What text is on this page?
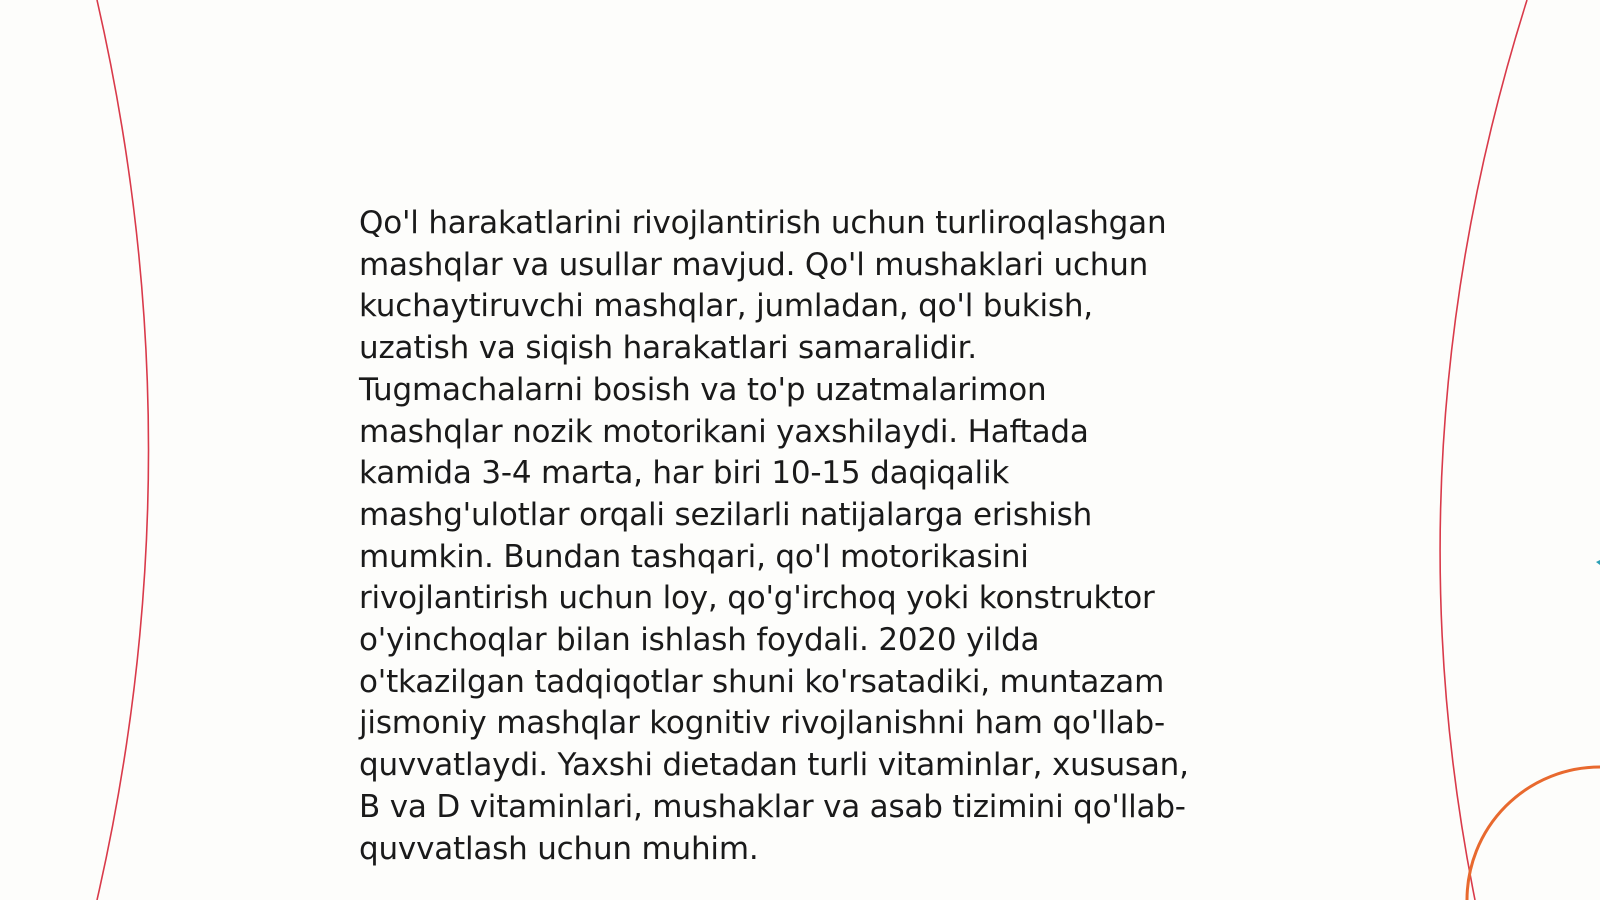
Qo'l harakatlarini rivojlantirish uchun turliroqlashgan
mashqlar va usullar mavjud. Qo'l mushaklari uchun
kuchaytiruvchi mashqlar, jumladan, qo'l bukish,
uzatish va siqish harakatlari samaralidir.
Tugmachalarni bosish va to'p uzatmalarimon
mashqlar nozik motorikani yaxshilaydi. Haftada
kamida 3-4 marta, har biri 10-15 daqiqalik
mashg'ulotlar orqali sezilarli natijalarga erishish
mumkin. Bundan tashqari, qo'l motorikasini
rivojlantirish uchun loy, qo'g'irchoq yoki konstruktor
o'yinchoqlar bilan ishlash foydali. 2020 yilda
o'tkazilgan tadqiqotlar shuni ko'rsatadiki, muntazam
jismoniy mashqlar kognitiv rivojlanishni ham qo'llab-
quvvatlaydi. Yaxshi dietadan turli vitaminlar, xususan,
B va D vitaminlari, mushaklar va asab tizimini qo'llab-
quvvatlash uchun muhim.
